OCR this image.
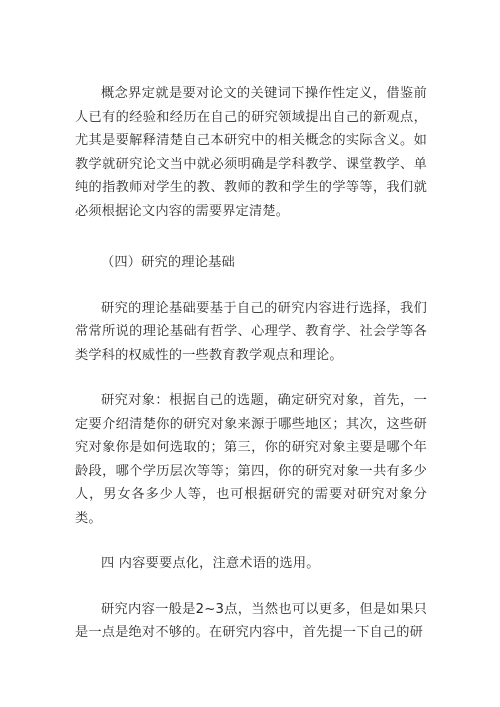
概念界定就是要对论文的关键词下操作性定义，借鉴前人已有的经验和经历在自己的研究领域提出自己的新观点，尤其是要解释清楚自己本研究中的相关概念的实际含义。如教学就研究论文当中就必须明确是学科教学、课堂教学、单纯的指教师对学生的教、教师的教和学生的学等等，我们就必须根据论文内容的需要界定清楚。

（四）研究的理论基础

研究的理论基础要基于自己的研究内容进行选择，我们常常所说的理论基础有哲学、心理学、教育学、社会学等各类学科的权威性的一些教育教学观点和理论。

研究对象：根据自己的选题，确定研究对象，首先，一定要介绍清楚你的研究对象来源于哪些地区；其次，这些研究对象你是如何选取的；第三，你的研究对象主要是哪个年龄段，哪个学历层次等等；第四，你的研究对象一共有多少人，男女各多少人等，也可根据研究的需要对研究对象分类。

四 内容要要点化，注意术语的选用。

研究内容一般是2~3点，当然也可以更多，但是如果只是一点是绝对不够的。在研究内容中，首先提一下自己的研
